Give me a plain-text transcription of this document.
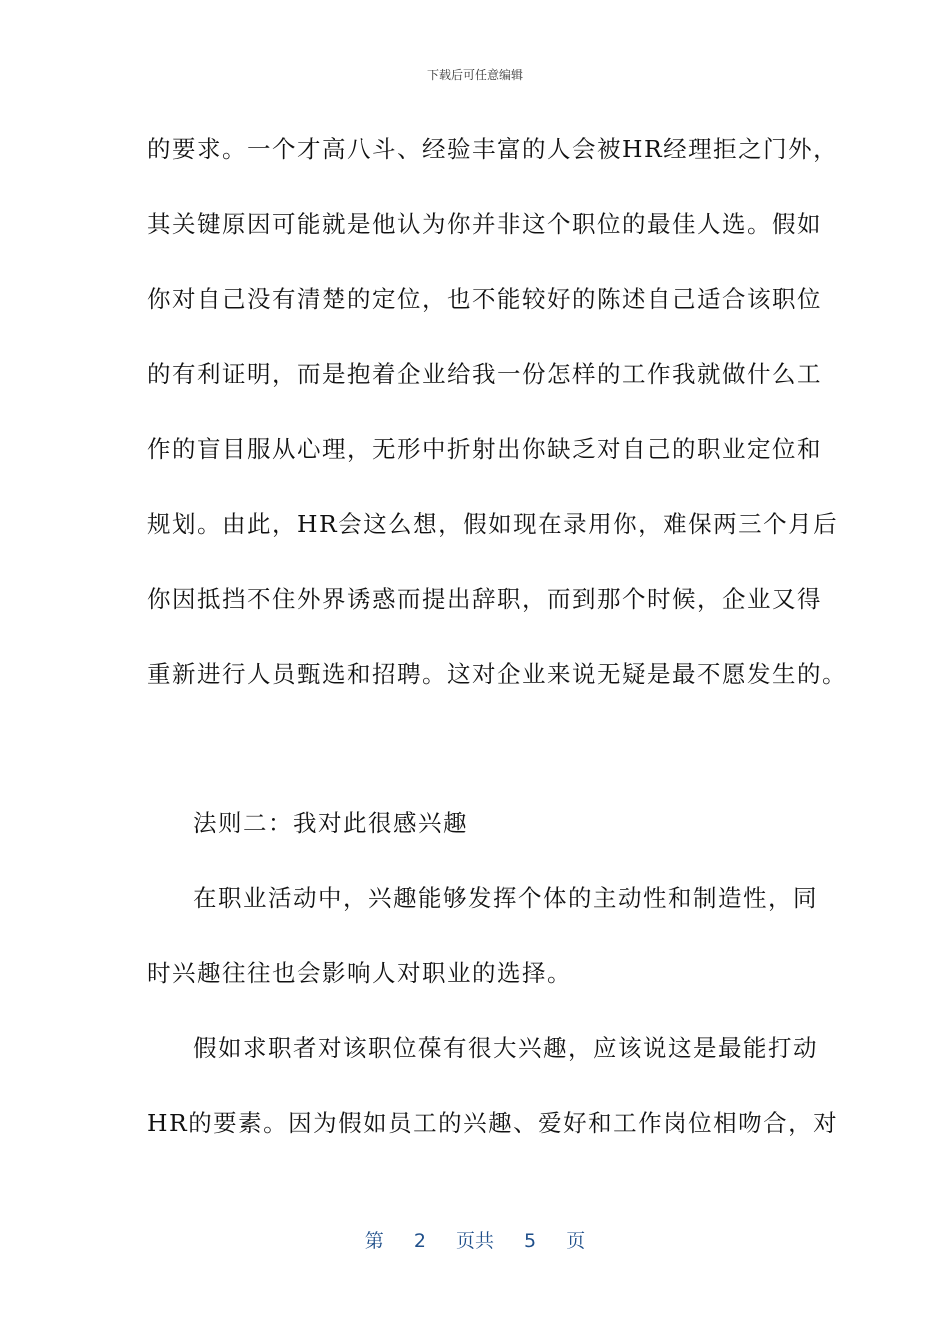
下载后可任意编辑
的要求。一个才高八斗、经验丰富的人会被HR经理拒之门外，
其关键原因可能就是他认为你并非这个职位的最佳人选。假如
你对自己没有清楚的定位，也不能较好的陈述自己适合该职位
的有利证明，而是抱着企业给我一份怎样的工作我就做什么工
作的盲目服从心理，无形中折射出你缺乏对自己的职业定位和
规划。由此，HR会这么想，假如现在录用你，难保两三个月后
你因抵挡不住外界诱惑而提出辞职，而到那个时候，企业又得
重新进行人员甄选和招聘。这对企业来说无疑是最不愿发生的。
法则二：我对此很感兴趣
在职业活动中，兴趣能够发挥个体的主动性和制造性，同
时兴趣往往也会影响人对职业的选择。
假如求职者对该职位葆有很大兴趣，应该说这是最能打动
HR的要素。因为假如员工的兴趣、爱好和工作岗位相吻合，对
第 2 页共 5 页
